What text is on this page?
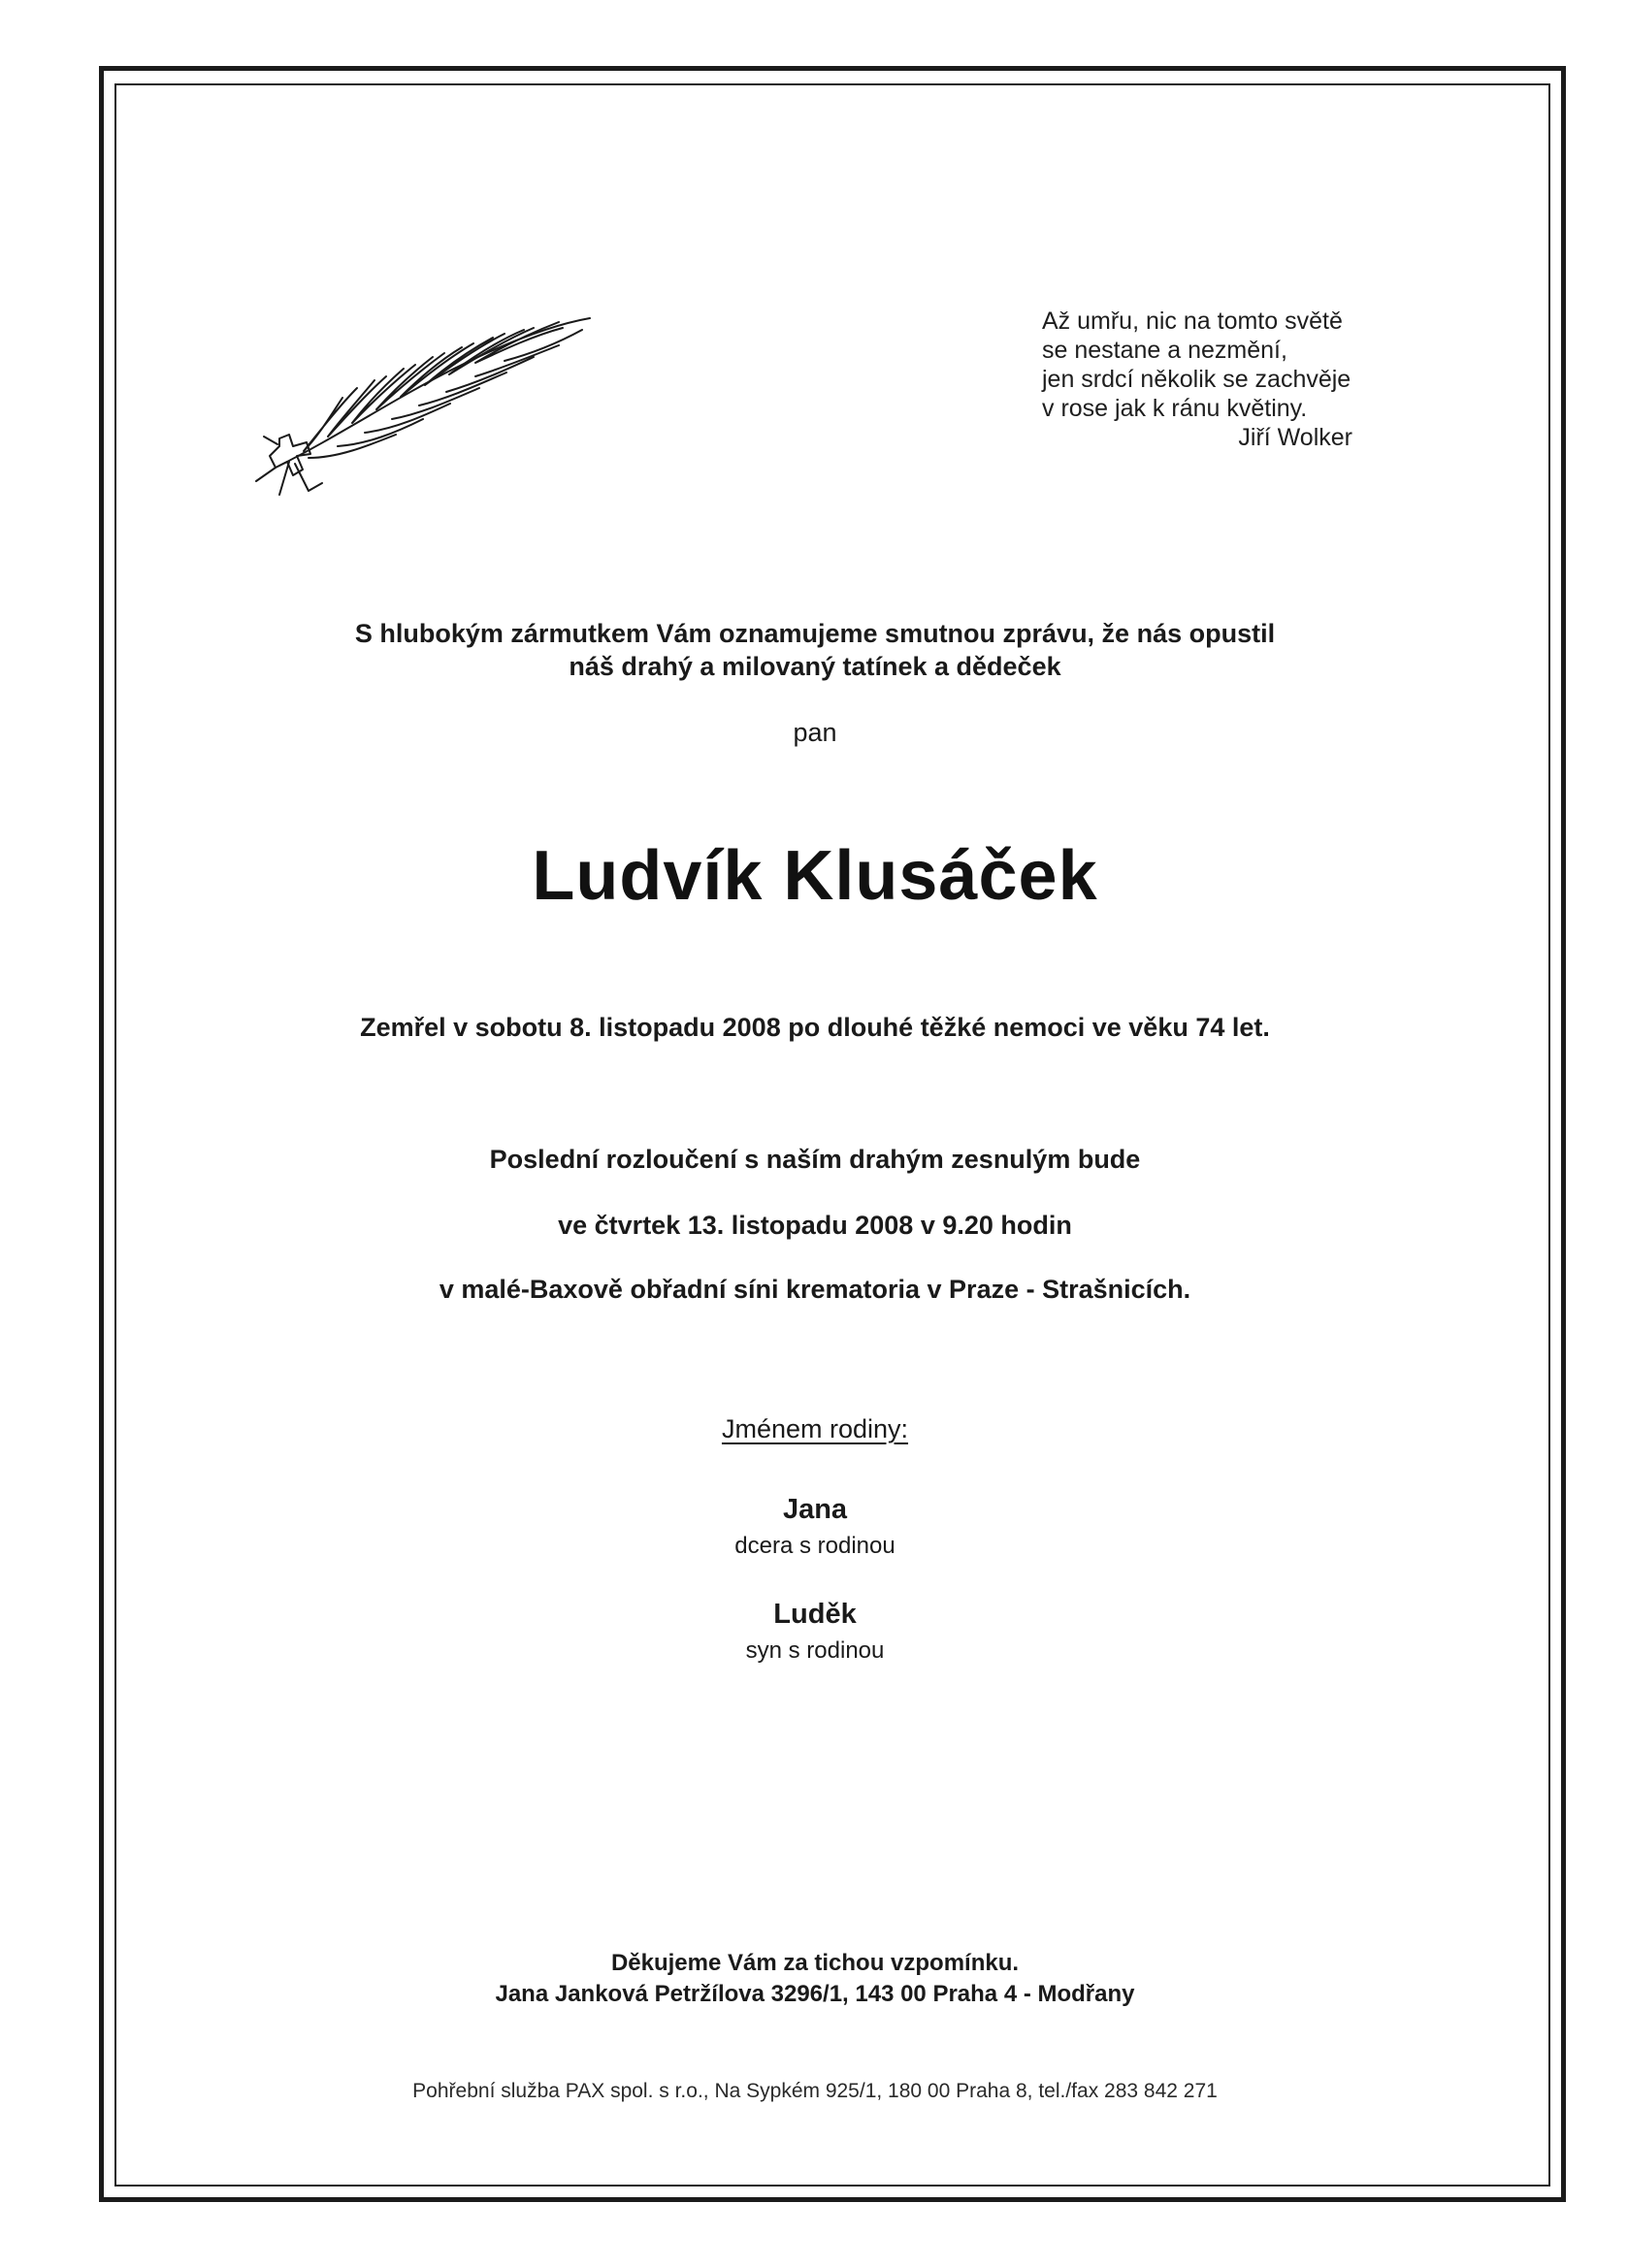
Až umřu, nic na tomto světě
se nestane a nezmění,
jen srdcí několik se zachvěje
v rose jak k ránu květiny.
Jiří Wolker
S hlubokým zármutkem Vám oznamujeme smutnou zprávu, že nás opustil
náš drahý a milovaný tatínek a dědeček
pan
Ludvík Klusáček
Zemřel v sobotu 8. listopadu 2008 po dlouhé těžké nemoci ve věku 74 let.
Poslední rozloučení s naším drahým zesnulým bude
ve čtvrtek 13. listopadu 2008 v 9.20 hodin
v malé-Baxově obřadní síni krematoria v Praze - Strašnicích.
Jménem rodiny:
Jana
dcera s rodinou
Luděk
syn s rodinou
Děkujeme Vám za tichou vzpomínku.
Jana Janková Petržílova 3296/1, 143 00 Praha 4 - Modřany
Pohřební služba PAX spol. s r.o., Na Sypkém 925/1, 180 00 Praha 8, tel./fax 283 842 271
